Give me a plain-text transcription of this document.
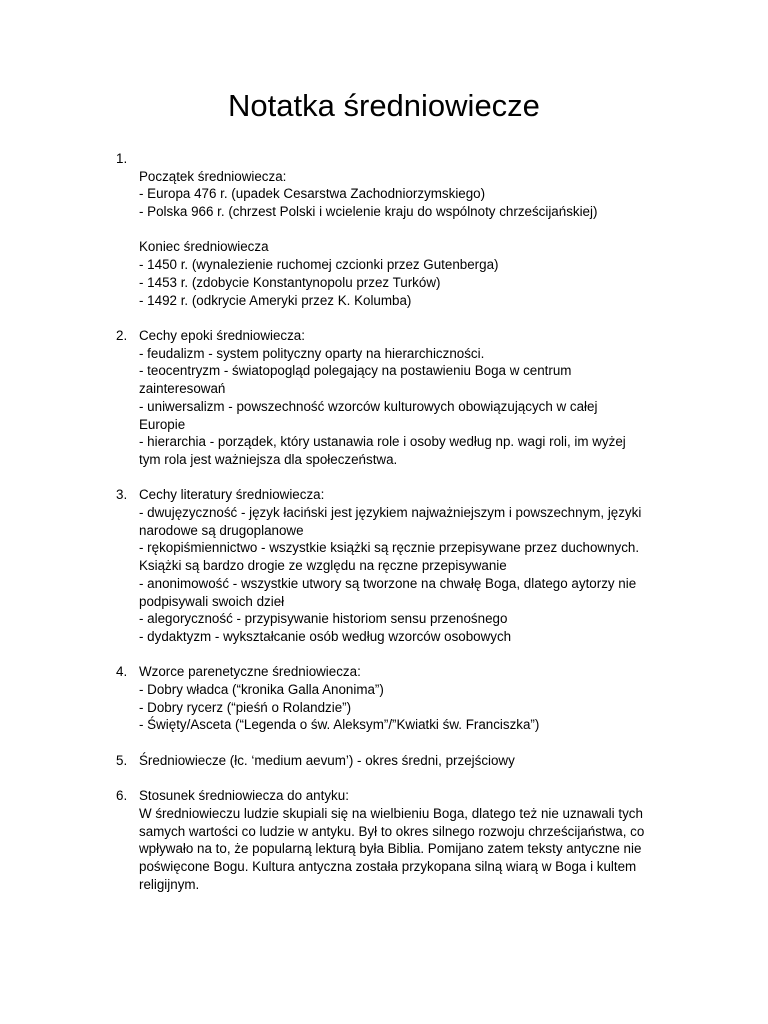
Notatka średniowiecze
1.
Początek średniowiecza:
- Europa 476 r. (upadek Cesarstwa Zachodniorzymskiego)
- Polska 966 r. (chrzest Polski i wcielenie kraju do wspólnoty chrześcijańskiej)
Koniec średniowiecza
- 1450 r. (wynalezienie ruchomej czcionki przez Gutenberga)
- 1453 r. (zdobycie Konstantynopolu przez Turków)
- 1492 r. (odkrycie Ameryki przez K. Kolumba)
2. Cechy epoki średniowiecza:
- feudalizm - system polityczny oparty na hierarchiczności.
- teocentryzm - światopogląd polegający na postawieniu Boga w centrum
zainteresowań
- uniwersalizm - powszechność wzorców kulturowych obowiązujących w całej
Europie
- hierarchia - porządek, który ustanawia role i osoby według np. wagi roli, im wyżej
tym rola jest ważniejsza dla społeczeństwa.
3. Cechy literatury średniowiecza:
- dwujęzyczność - język łaciński jest językiem najważniejszym i powszechnym, języki
narodowe są drugoplanowe
- rękopiśmiennictwo - wszystkie książki są ręcznie przepisywane przez duchownych.
Książki są bardzo drogie ze względu na ręczne przepisywanie
- anonimowość - wszystkie utwory są tworzone na chwałę Boga, dlatego aytorzy nie
podpisywali swoich dzieł
- alegoryczność - przypisywanie historiom sensu przenośnego
- dydaktyzm - wykształcanie osób według wzorców osobowych
4. Wzorce parenetyczne średniowiecza:
- Dobry władca (“kronika Galla Anonima”)
- Dobry rycerz (“pieśń o Rolandzie”)
- Święty/Asceta (“Legenda o św. Aleksym”/”Kwiatki św. Franciszka”)
5. Średniowiecze (łc. ‘medium aevum’) - okres średni, przejściowy
6. Stosunek średniowiecza do antyku:
W średniowieczu ludzie skupiali się na wielbieniu Boga, dlatego też nie uznawali tych
samych wartości co ludzie w antyku. Był to okres silnego rozwoju chrześcijaństwa, co
wpływało na to, że popularną lekturą była Biblia. Pomijano zatem teksty antyczne nie
poświęcone Bogu. Kultura antyczna została przykopana silną wiarą w Boga i kultem
religijnym.
